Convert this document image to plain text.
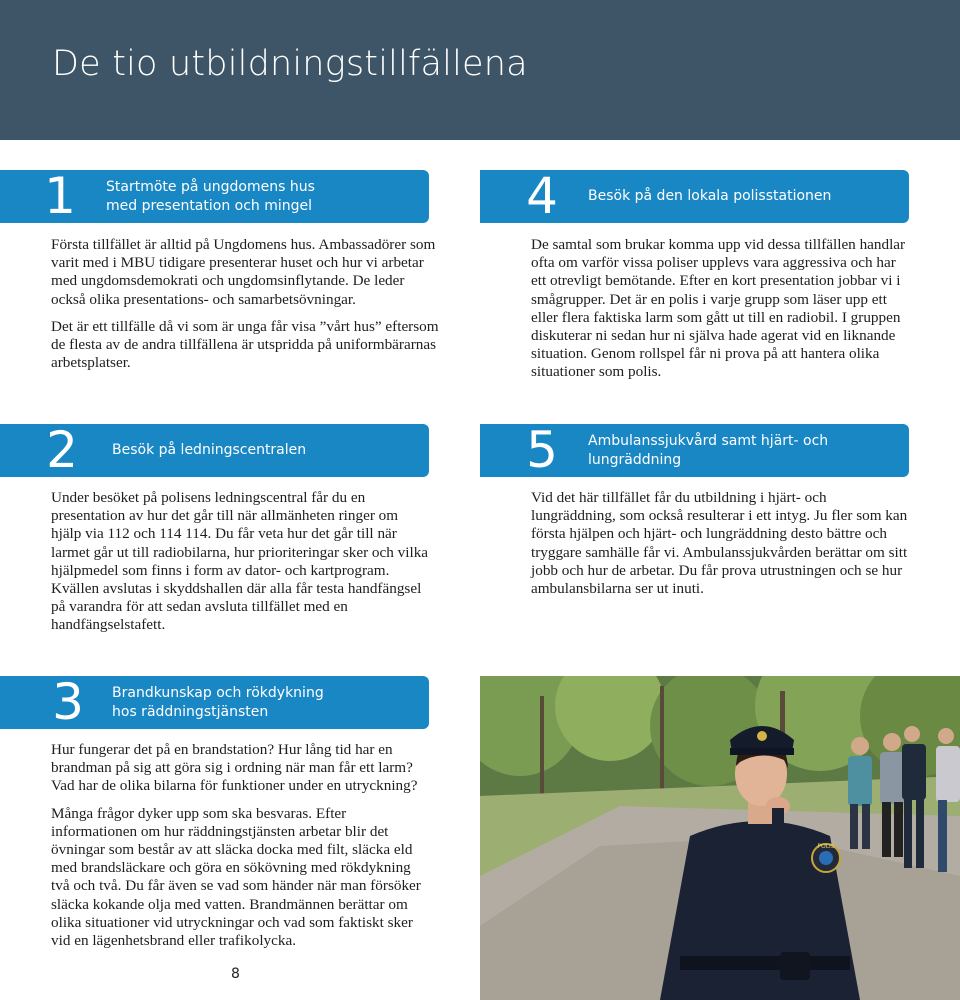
De tio utbildningstillfällena
1 Startmöte på ungdomens hus
med presentation och mingel

Första tillfället är alltid på Ungdomens hus. Ambassadörer som varit med i MBU tidigare presenterar huset och hur vi arbetar med ungdomsdemokrati och ungdomsinflytande. De leder också olika presentations- och samarbetsövningar.

Det är ett tillfälle då vi som är unga får visa ”vårt hus” eftersom de flesta av de andra tillfällena är utspridda på uniformbärarnas arbetsplatser.

4	Besök på den lokala polisstationen

De samtal som brukar komma upp vid dessa tillfällen handlar ofta om varför vissa poliser upplevs vara aggressiva och har ett otrevligt bemötande. Efter en kort presentation jobbar vi i smågrupper. Det är en polis i varje grupp som läser upp ett eller flera faktiska larm som gått ut till en radiobil. I gruppen diskuterar ni sedan hur ni själva hade agerat vid en liknande situation. Genom rollspel får ni prova på att hantera olika situationer som polis.

2	Besök på ledningscentralen

Under besöket på polisens ledningscentral får du en presentation av hur det går till när allmänheten ringer om hjälp via 112 och 114 114. Du får veta hur det går till när larmet går ut till radiobilarna, hur prioriteringar sker och vilka hjälpmedel som finns i form av dator- och kartprogram. Kvällen avslutas i skyddshallen där alla får testa handfängsel på varandra för att sedan avsluta tillfället med en handfängselstafett.

5	Ambulanssjukvård samt hjärt- och
lungräddning

Vid det här tillfället får du utbildning i hjärt- och lungräddning, som också resulterar i ett intyg. Ju fler som kan första hjälpen och hjärt- och lungräddning desto bättre och tryggare samhälle får vi. Ambulanssjukvården berättar om sitt jobb och hur de arbetar. Du får prova utrustningen och se hur ambulansbilarna ser ut inuti.

3	Brandkunskap och rökdykning
hos räddningstjänsten

Hur fungerar det på en brandstation? Hur lång tid har en brandman på sig att göra sig i ordning när man får ett larm? Vad har de olika bilarna för funktioner under en utryckning?

Många frågor dyker upp som ska besvaras. Efter informationen om hur räddningstjänsten arbetar blir det övningar som består av att släcka docka med filt, släcka eld med brandsläckare och göra en sökövning med rökdykning två och två. Du får även se vad som händer när man försöker släcka kokande olja med vatten. Brandmännen berättar om olika situationer vid utryckningar och vad som faktiskt sker vid en lägenhetsbrand eller trafikolycka.

POLIS
8
